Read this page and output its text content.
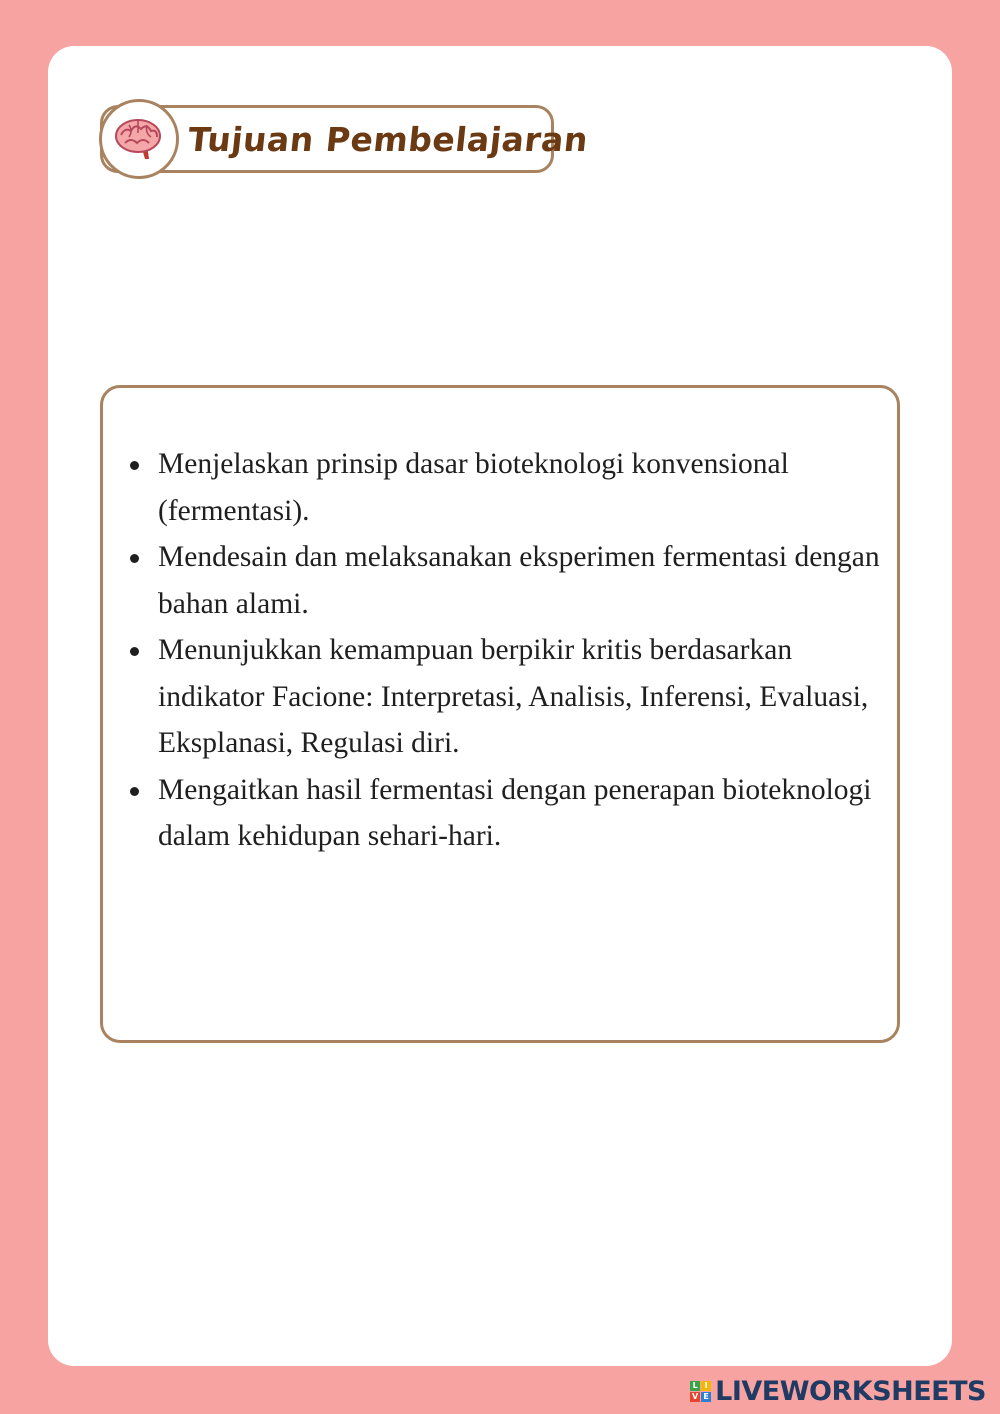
Tujuan Pembelajaran
Menjelaskan prinsip dasar bioteknologi konvensional (fermentasi).
Mendesain dan melaksanakan eksperimen fermentasi dengan bahan alami.
Menunjukkan kemampuan berpikir kritis berdasarkan indikator Facione: Interpretasi, Analisis, Inferensi, Evaluasi, Eksplanasi, Regulasi diri.
Mengaitkan hasil fermentasi dengan penerapan bioteknologi dalam kehidupan sehari-hari.
L I
V E LIVEWORKSHEETS
